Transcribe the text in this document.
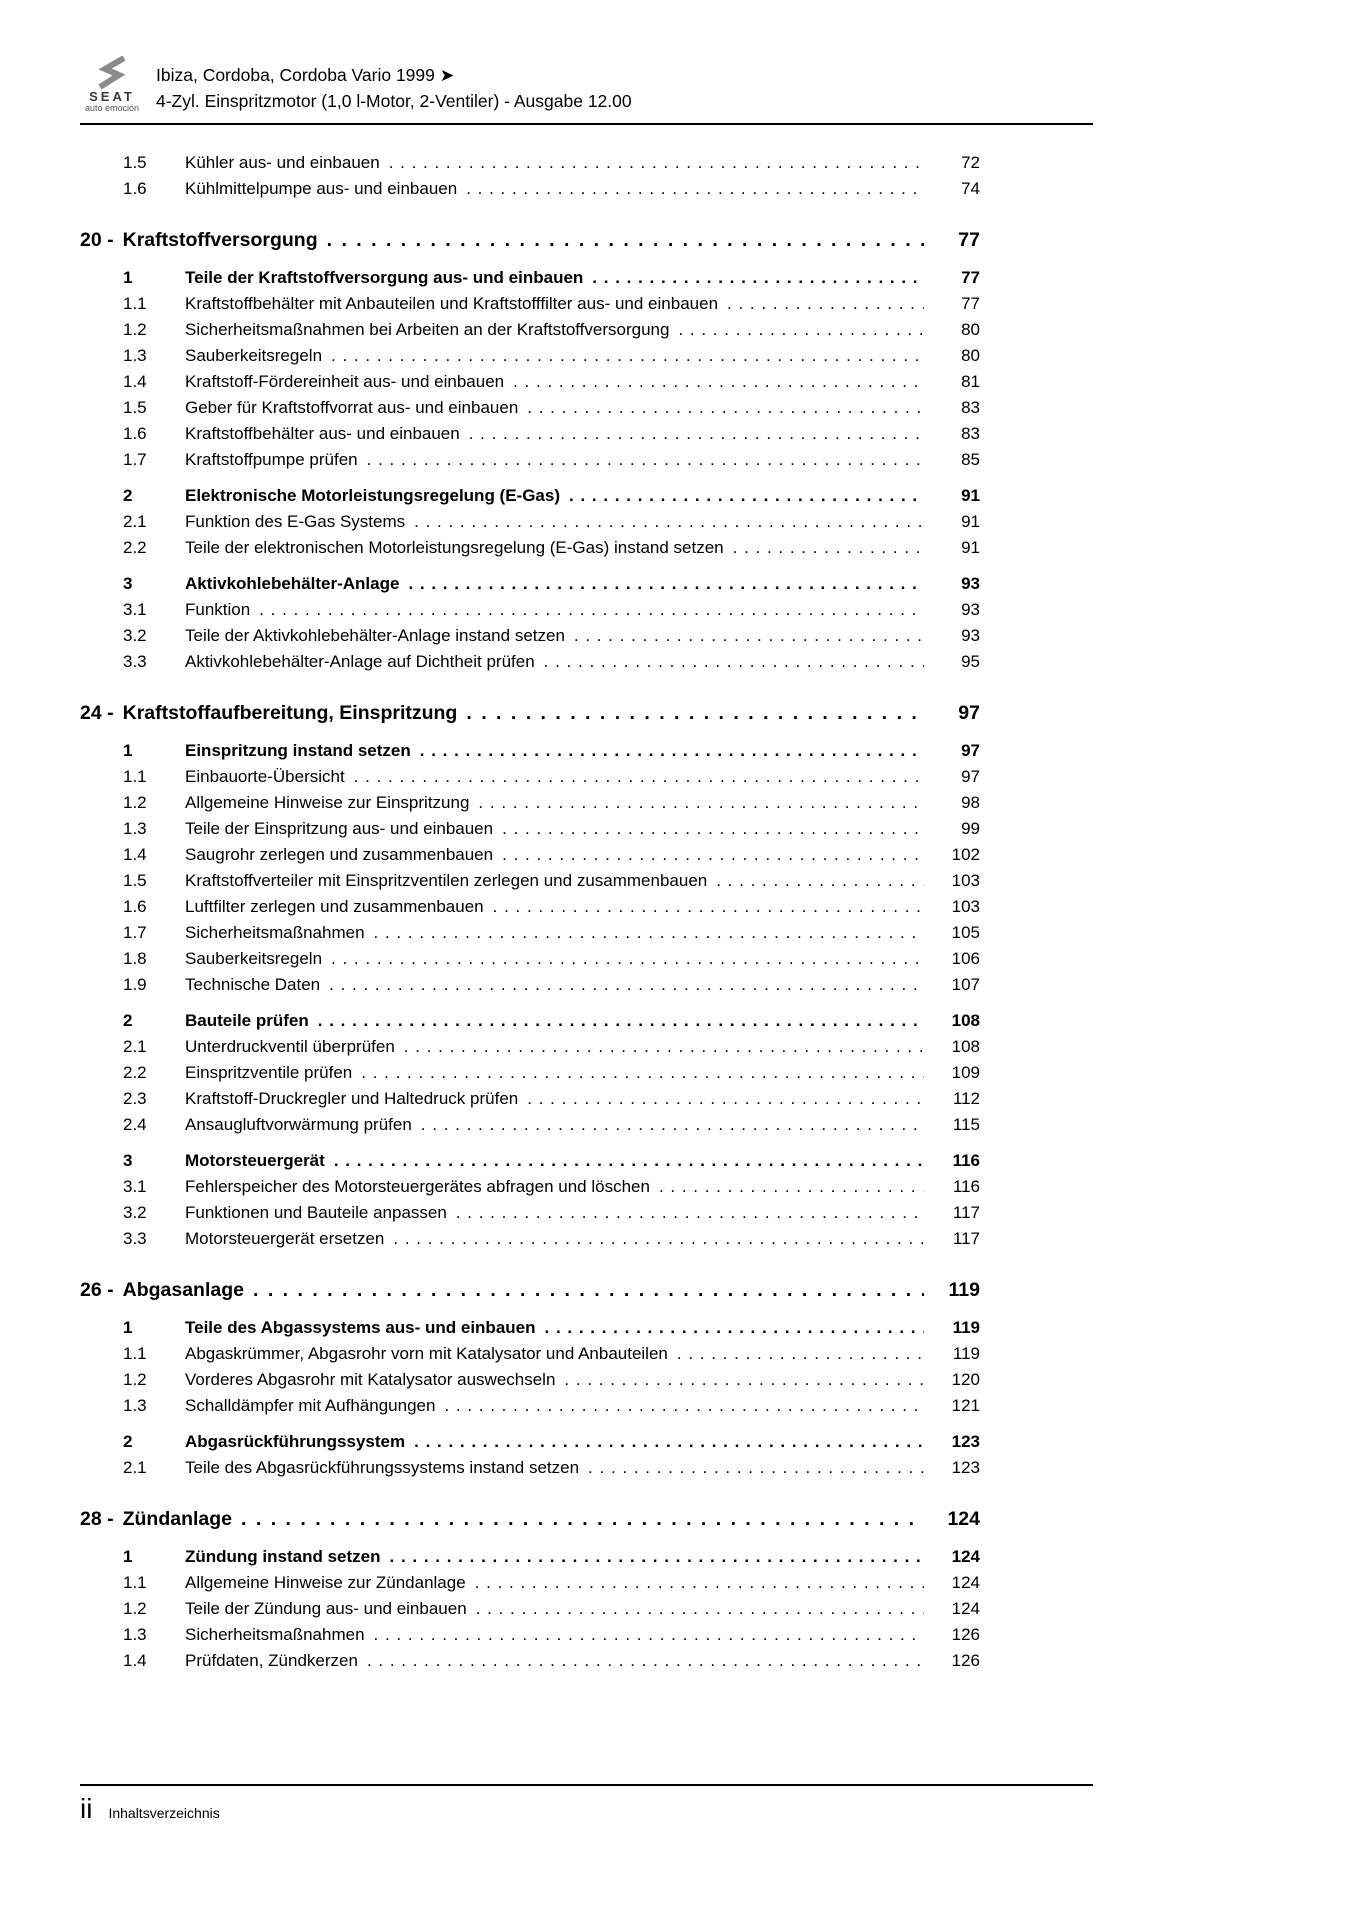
SEAT
auto emoción
Ibiza, Cordoba, Cordoba Vario 1999 ➤
4-Zyl. Einspritzmotor (1,0 l-Motor, 2-Ventiler) - Ausgabe 12.00
1.5	Kühler aus- und einbauen . . .	72
1.6	Kühlmittelpumpe aus- und einbauen . . .	74
20 - Kraftstoffversorgung . . .	77
1	Teile der Kraftstoffversorgung aus- und einbauen . . .	77
1.1	Kraftstoffbehälter mit Anbauteilen und Kraftstofffilter aus- und einbauen . . .	77
1.2	Sicherheitsmaßnahmen bei Arbeiten an der Kraftstoffversorgung . . .	80
1.3	Sauberkeitsregeln . . .	80
1.4	Kraftstoff-Fördereinheit aus- und einbauen . . .	81
1.5	Geber für Kraftstoffvorrat aus- und einbauen . . .	83
1.6	Kraftstoffbehälter aus- und einbauen . . .	83
1.7	Kraftstoffpumpe prüfen . . .	85
2	Elektronische Motorleistungsregelung (E-Gas) . . .	91
2.1	Funktion des E-Gas Systems . . .	91
2.2	Teile der elektronischen Motorleistungsregelung (E-Gas) instand setzen . . .	91
3	Aktivkohlebehälter-Anlage . . .	93
3.1	Funktion . . .	93
3.2	Teile der Aktivkohlebehälter-Anlage instand setzen . . .	93
3.3	Aktivkohlebehälter-Anlage auf Dichtheit prüfen . . .	95
24 - Kraftstoffaufbereitung, Einspritzung . . .	97
1	Einspritzung instand setzen . . .	97
1.1	Einbauorte-Übersicht . . .	97
1.2	Allgemeine Hinweise zur Einspritzung . . .	98
1.3	Teile der Einspritzung aus- und einbauen . . .	99
1.4	Saugrohr zerlegen und zusammenbauen . . .	102
1.5	Kraftstoffverteiler mit Einspritzventilen zerlegen und zusammenbauen . . .	103
1.6	Luftfilter zerlegen und zusammenbauen . . .	103
1.7	Sicherheitsmaßnahmen . . .	105
1.8	Sauberkeitsregeln . . .	106
1.9	Technische Daten . . .	107
2	Bauteile prüfen . . .	108
2.1	Unterdruckventil überprüfen . . .	108
2.2	Einspritzventile prüfen . . .	109
2.3	Kraftstoff-Druckregler und Haltedruck prüfen . . .	112
2.4	Ansaugluftvorwärmung prüfen . . .	115
3	Motorsteuergerät . . .	116
3.1	Fehlerspeicher des Motorsteuergerätes abfragen und löschen . . .	116
3.2	Funktionen und Bauteile anpassen . . .	117
3.3	Motorsteuergerät ersetzen . . .	117
26 - Abgasanlage . . .	119
1	Teile des Abgassystems aus- und einbauen . . .	119
1.1	Abgaskrümmer, Abgasrohr vorn mit Katalysator und Anbauteilen . . .	119
1.2	Vorderes Abgasrohr mit Katalysator auswechseln . . .	120
1.3	Schalldämpfer mit Aufhängungen . . .	121
2	Abgasrückführungssystem . . .	123
2.1	Teile des Abgasrückführungssystems instand setzen . . .	123
28 - Zündanlage . . .	124
1	Zündung instand setzen . . .	124
1.1	Allgemeine Hinweise zur Zündanlage . . .	124
1.2	Teile der Zündung aus- und einbauen . . .	124
1.3	Sicherheitsmaßnahmen . . .	126
1.4	Prüfdaten, Zündkerzen . . .	126
ii Inhaltsverzeichnis
